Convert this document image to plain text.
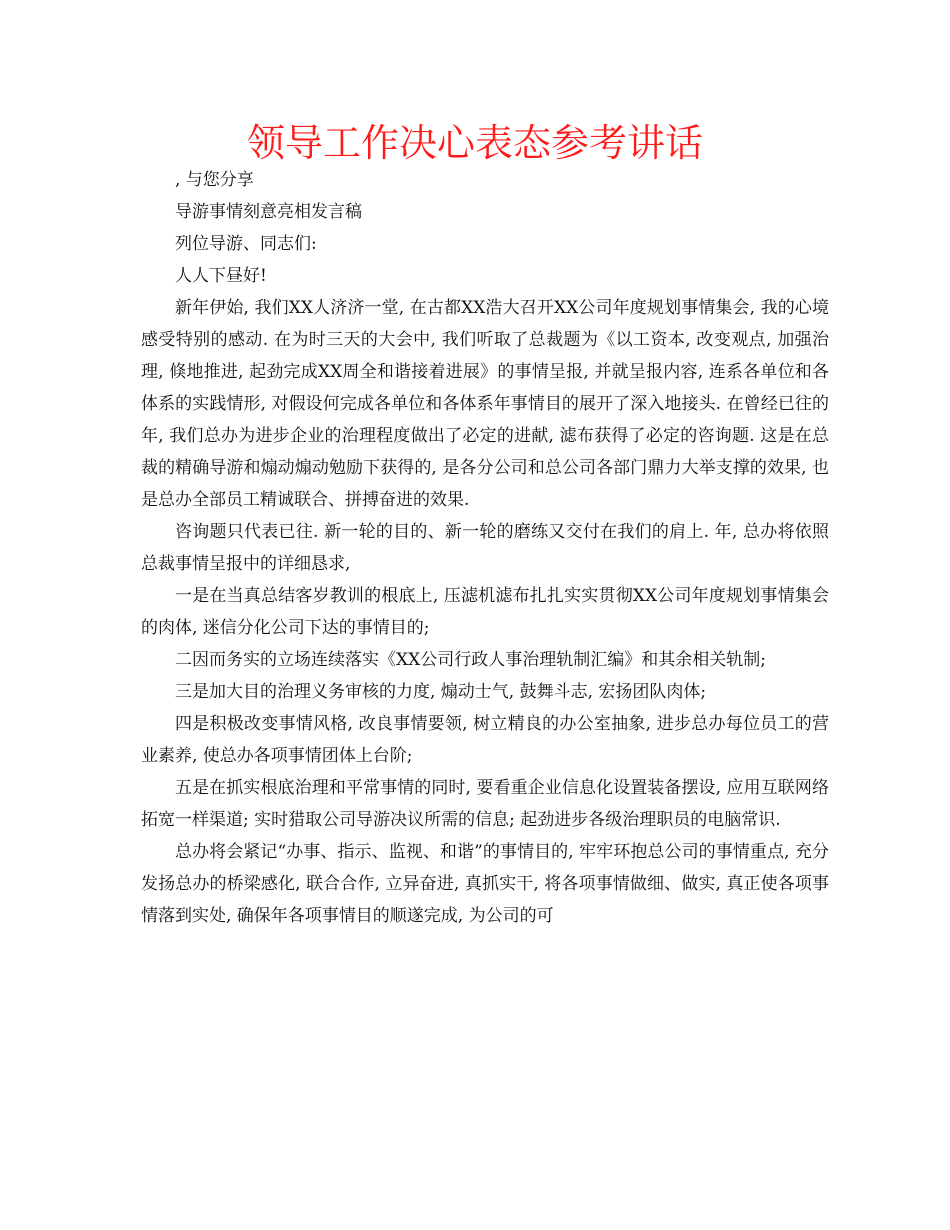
领导工作决心表态参考讲话

, 与您分享

导游事情刻意亮相发言稿

列位导游、同志们:

人人下昼好!

新年伊始, 我们XX人济济一堂, 在古都XX浩大召开XX公司年度规划事情集会, 我的心境感受特别的感动. 在为时三天的大会中, 我们听取了总裁题为《以工资本, 改变观点, 加强治理, 倏地推进, 起劲完成XX周全和谐接着进展》的事情呈报, 并就呈报内容, 连系各单位和各体系的实践情形, 对假设何完成各单位和各体系年事情目的展开了深入地接头. 在曾经已往的年, 我们总办为进步企业的治理程度做出了必定的进献, 滤布获得了必定的咨询题. 这是在总裁的精确导游和煽动煽动勉励下获得的, 是各分公司和总公司各部门鼎力大举支撑的效果, 也是总办全部员工精诚联合、拼搏奋进的效果.

咨询题只代表已往. 新一轮的目的、新一轮的磨练又交付在我们的肩上. 年, 总办将依照总裁事情呈报中的详细恳求,

一是在当真总结客岁教训的根底上, 压滤机滤布扎扎实实贯彻XX公司年度规划事情集会的肉体, 迷信分化公司下达的事情目的;

二因而务实的立场连续落实《XX公司行政人事治理轨制汇编》和其余相关轨制;

三是加大目的治理义务审核的力度, 煽动士气, 鼓舞斗志, 宏扬团队肉体;

四是积极改变事情风格, 改良事情要领, 树立精良的办公室抽象, 进步总办每位员工的营业素养, 使总办各项事情团体上台阶;

五是在抓实根底治理和平常事情的同时, 要看重企业信息化设置装备摆设, 应用互联网络拓宽一样渠道; 实时猎取公司导游决议所需的信息; 起劲进步各级治理职员的电脑常识.

总办将会紧记“办事、指示、监视、和谐”的事情目的, 牢牢环抱总公司的事情重点, 充分发扬总办的桥梁感化, 联合合作, 立异奋进, 真抓实干, 将各项事情做细、做实, 真正使各项事情落到实处, 确保年各项事情目的顺遂完成, 为公司的可
